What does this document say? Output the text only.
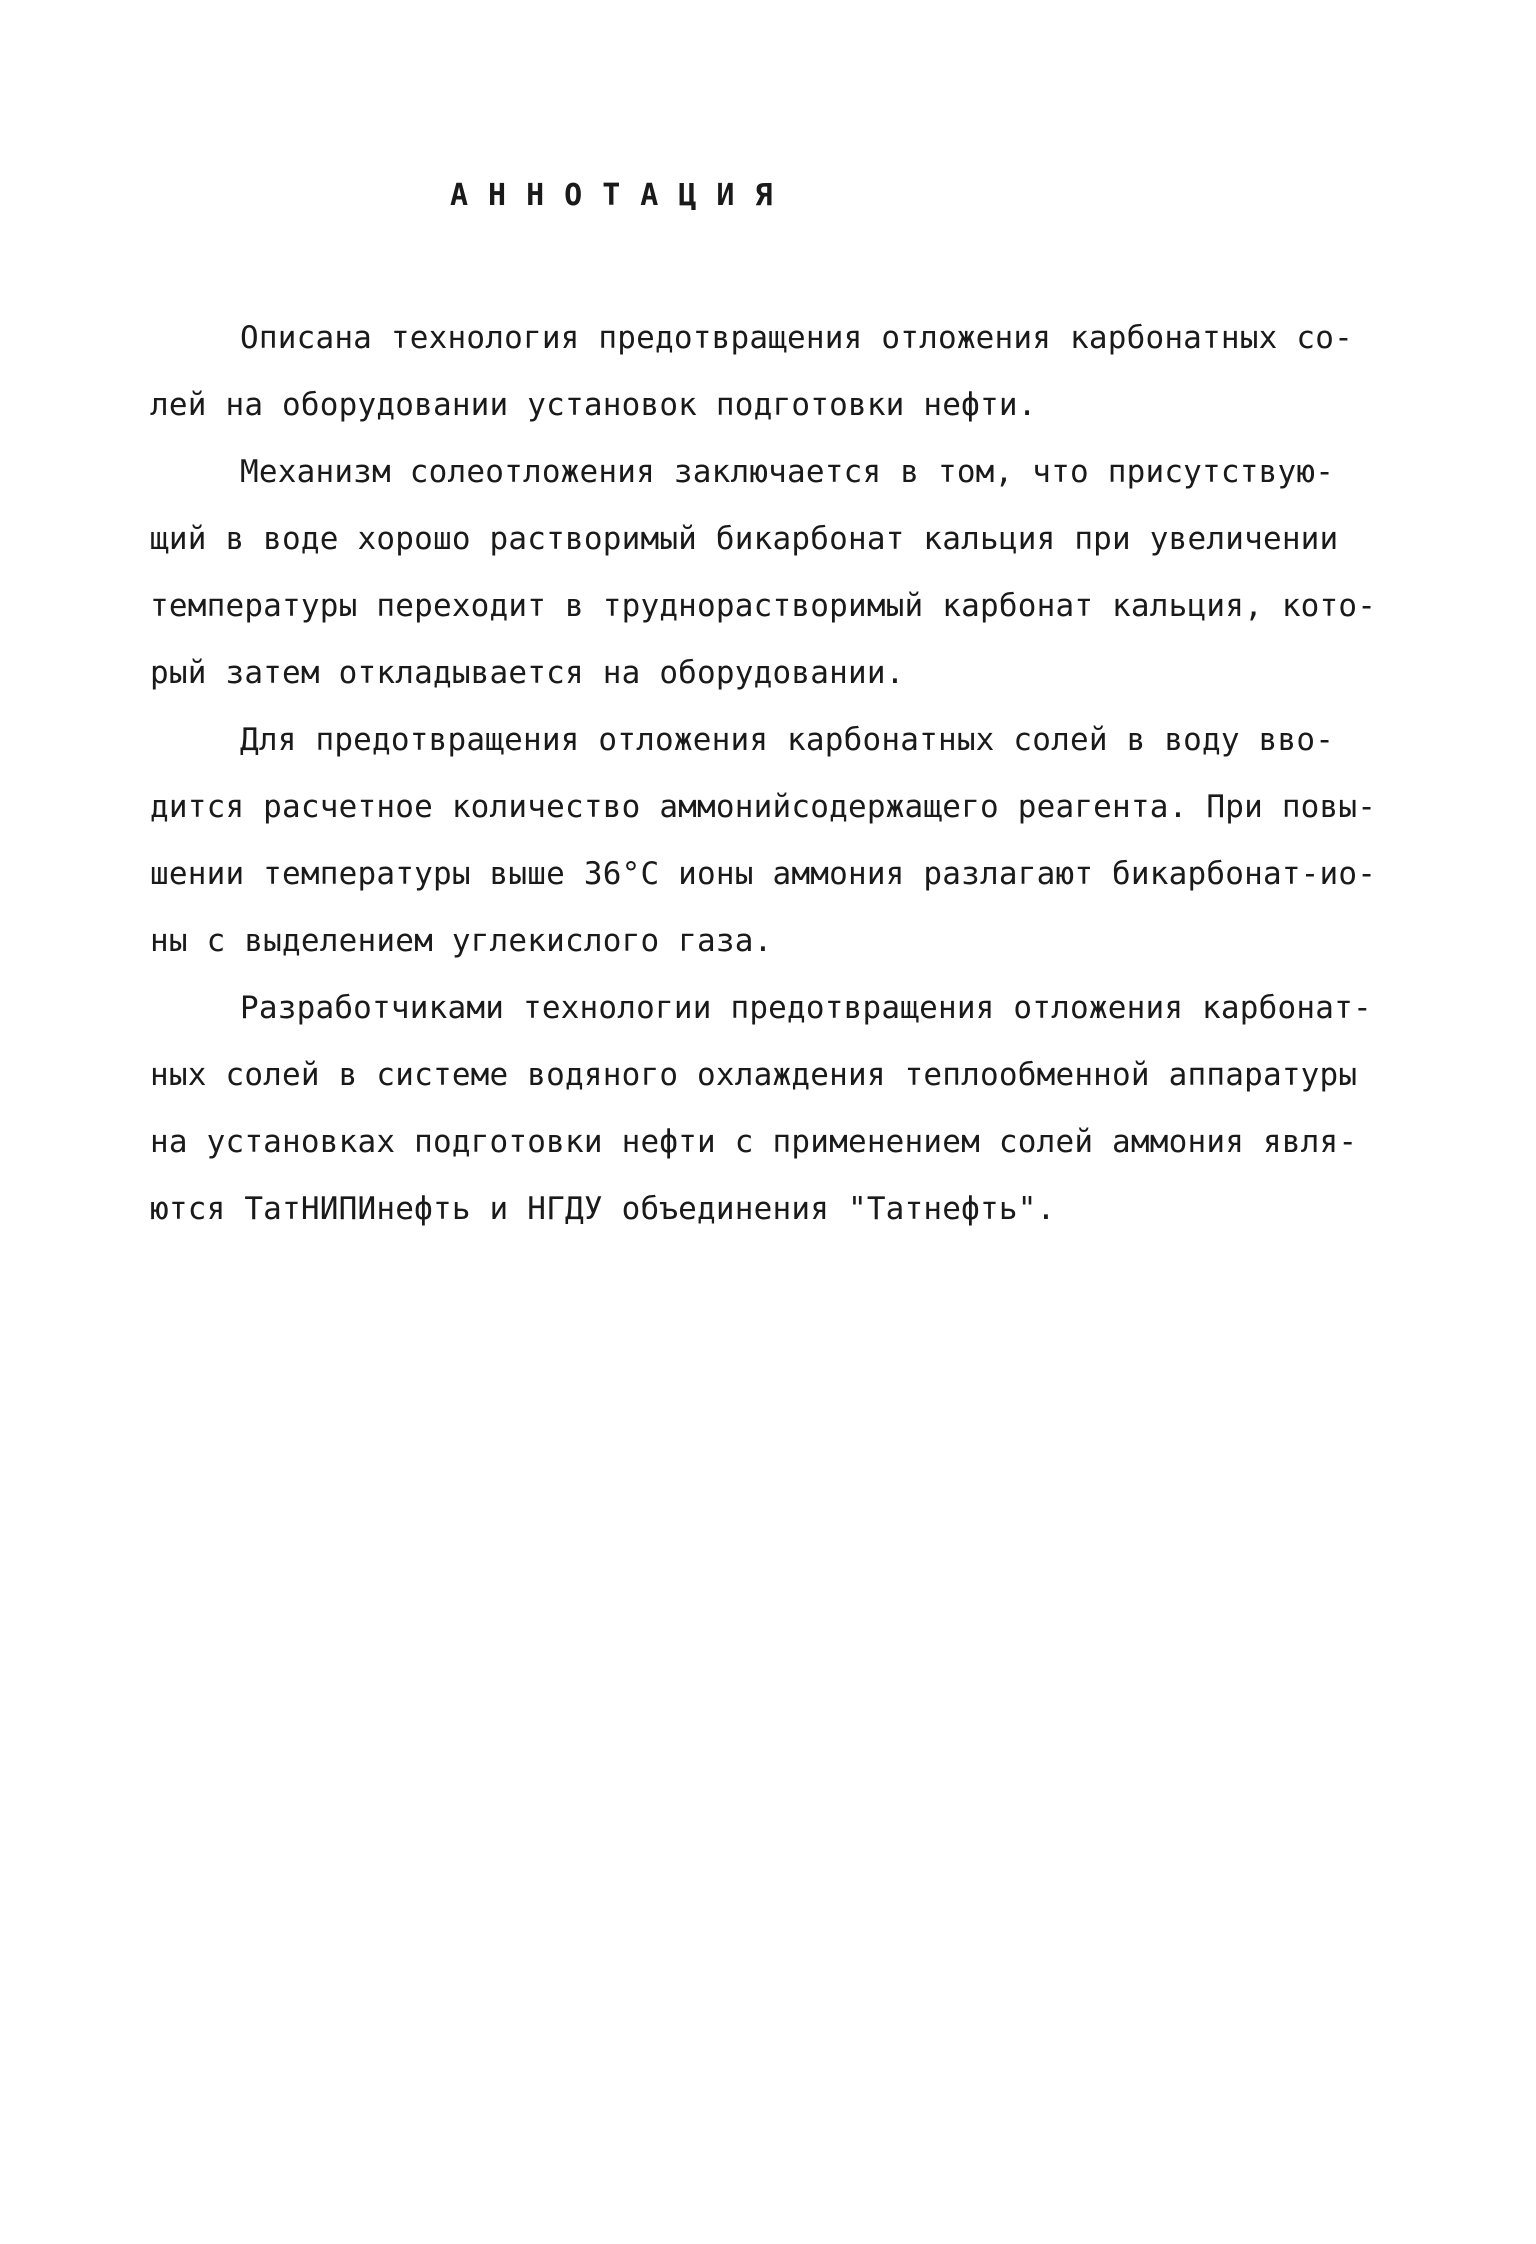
АННОТАЦИЯ
Описана технология предотвращения отложения карбонатных со-
лей на оборудовании установок подготовки нефти.
Механизм солеотложения заключается в том, что присутствую-
щий в воде хорошо растворимый бикарбонат кальция при увеличении
температуры переходит в труднорастворимый карбонат кальция, кото-
рый затем откладывается на оборудовании.
Для предотвращения отложения карбонатных солей в воду вво-
дится расчетное количество аммонийсодержащего реагента. При повы-
шении температуры выше 36°С ионы аммония разлагают бикарбонат-ио-
ны с выделением углекислого газа.
Разработчиками технологии предотвращения отложения карбонат-
ных солей в системе водяного охлаждения теплообменной аппаратуры
на установках подготовки нефти с применением солей аммония явля-
ются ТатНИПИнефть и НГДУ объединения "Татнефть".
